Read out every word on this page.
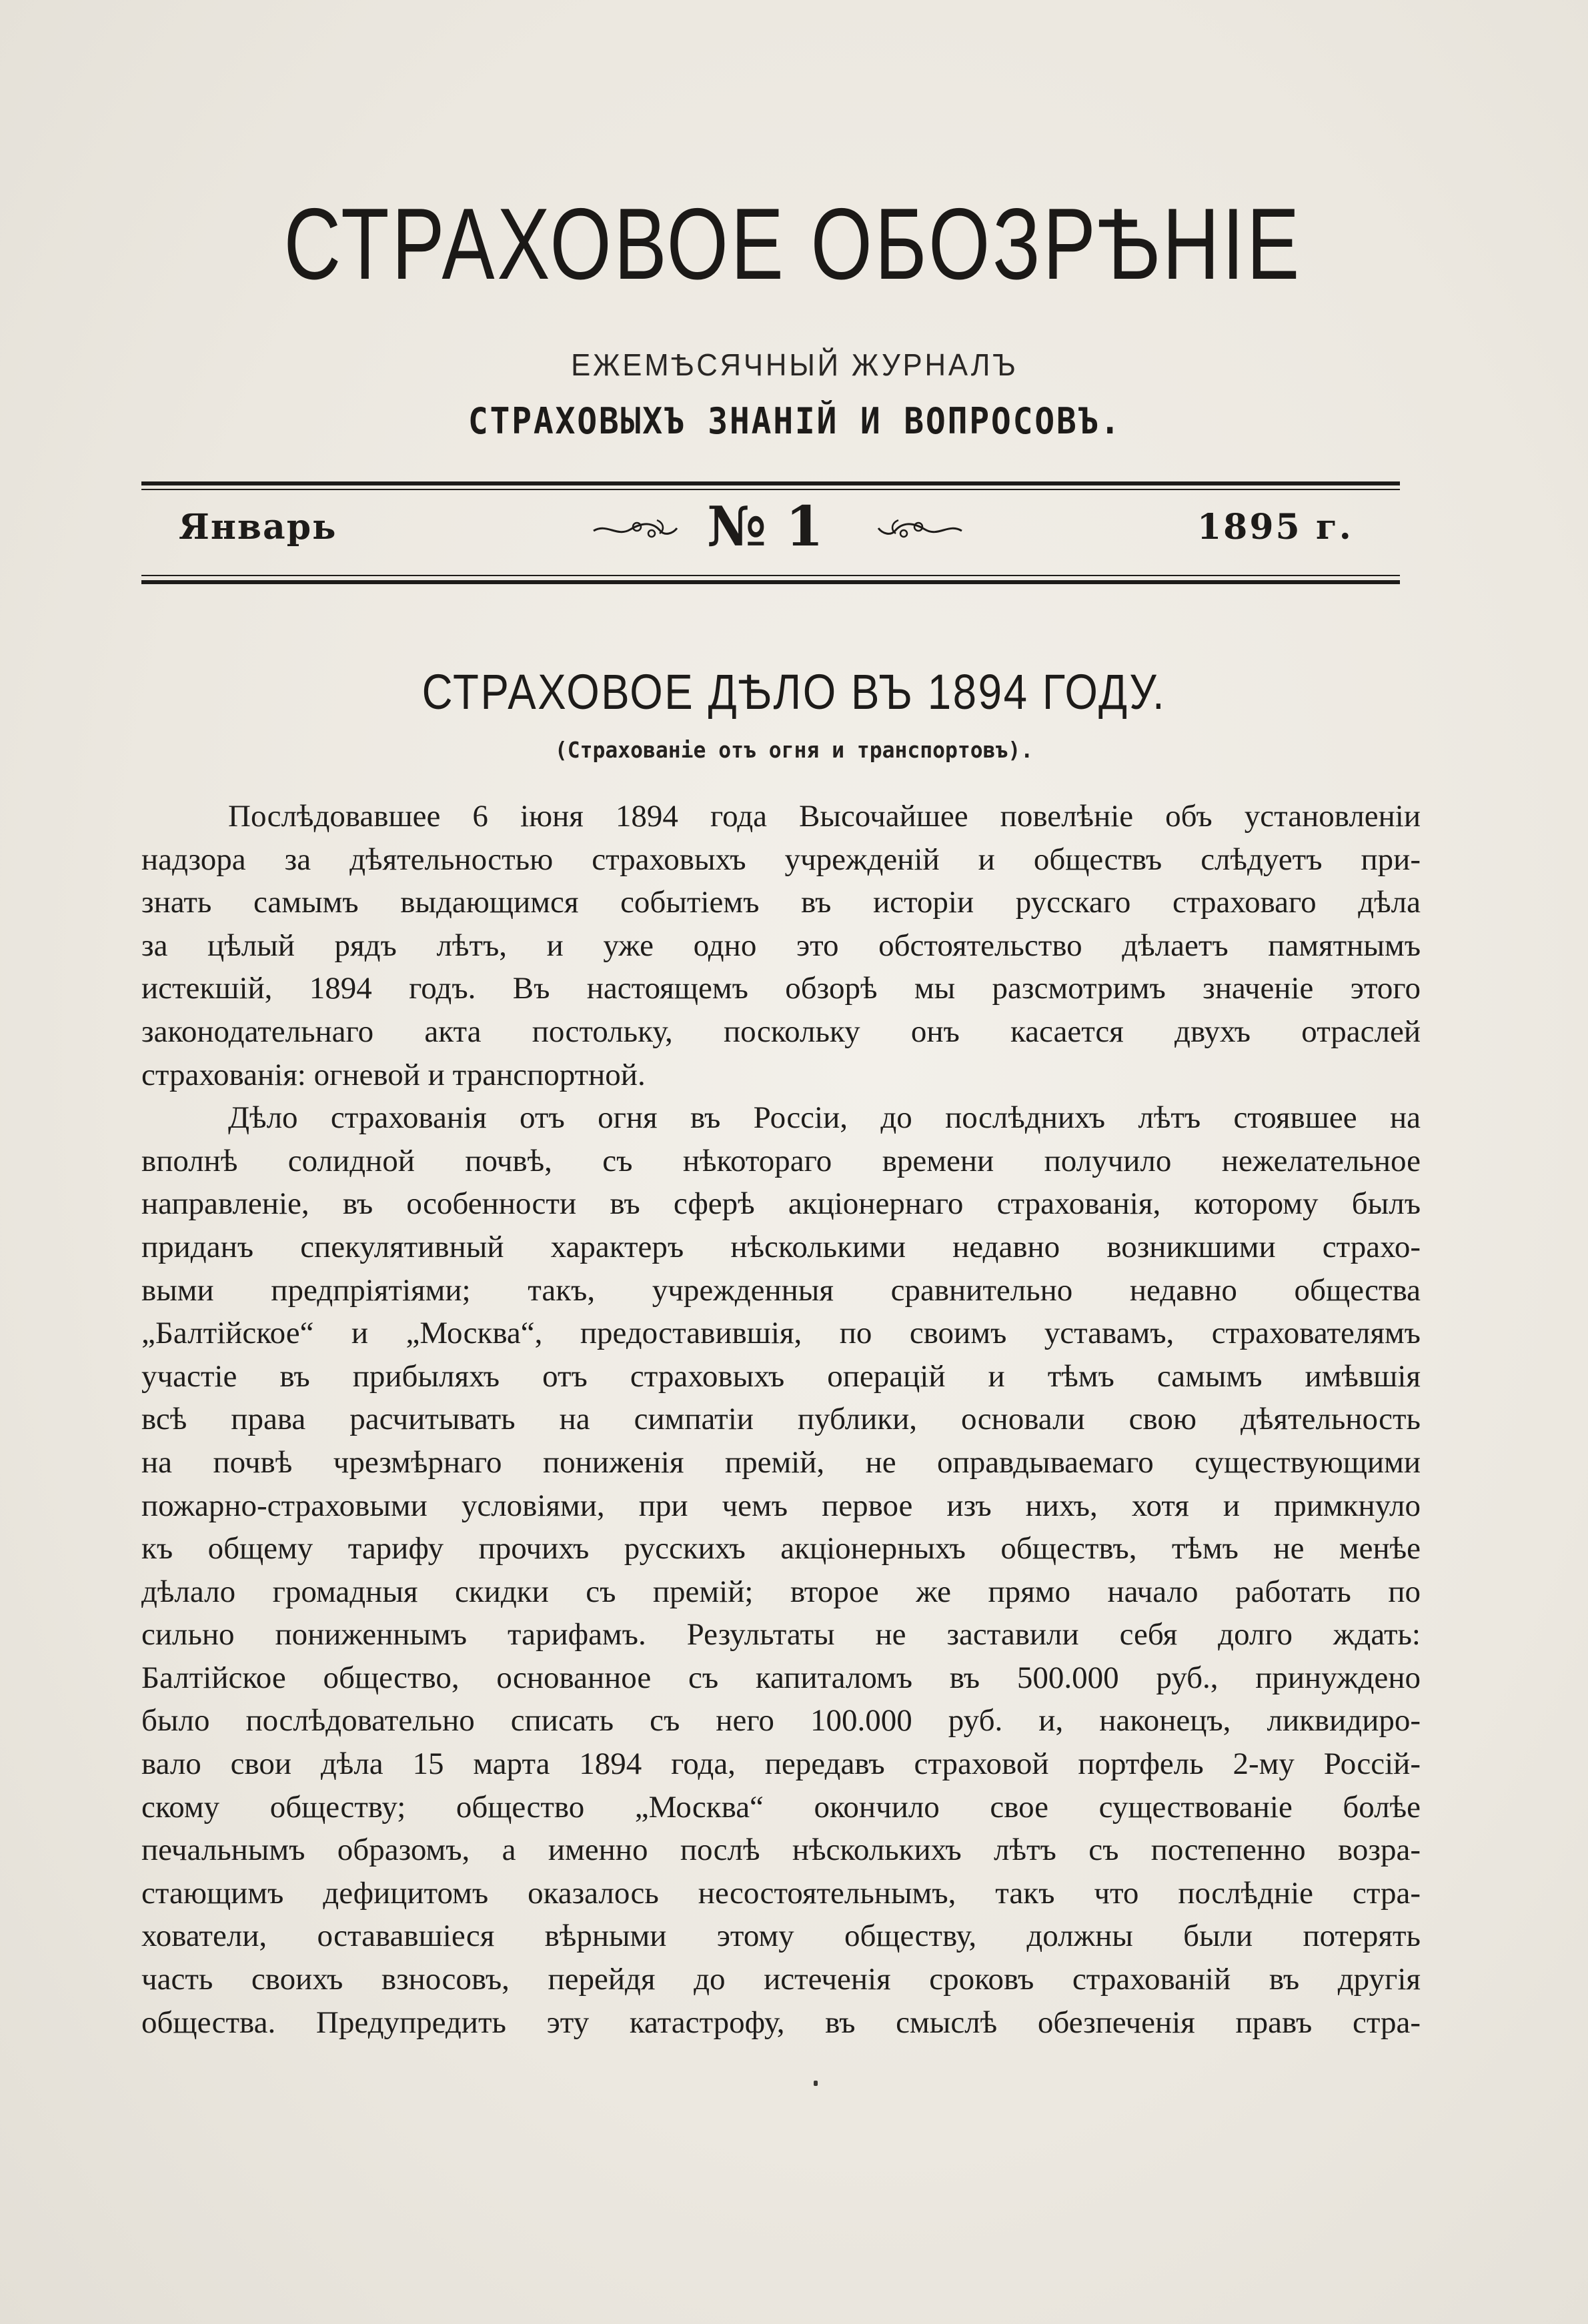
СТРАХОВОЕ ОБОЗРѢНІЕ
ЕЖЕМѢСЯЧНЫЙ ЖУРНАЛЪ
СТРАХОВЫХЪ ЗНАНІЙ И ВОПРОСОВЪ.
Январь	№ 1	1895 г.
СТРАХОВОЕ ДѢЛО ВЪ 1894 ГОДУ.
(Страхованіе отъ огня и транспортовъ).
Послѣдовавшее 6 іюня 1894 года Высочайшее повелѣніе объ установленіи
надзора за дѣятельностью страховыхъ учрежденій и обществъ слѣдуетъ при-
знать самымъ выдающимся событіемъ въ исторіи русскаго страховаго дѣла
за цѣлый рядъ лѣтъ, и уже одно это обстоятельство дѣлаетъ памятнымъ
истекшій, 1894 годъ. Въ настоящемъ обзорѣ мы разсмотримъ значеніе этого
законодательнаго акта постольку, поскольку онъ касается двухъ отраслей
страхованія: огневой и транспортной.
Дѣло страхованія отъ огня въ Россіи, до послѣднихъ лѣтъ стоявшее на
вполнѣ солидной почвѣ, съ нѣкотораго времени получило нежелательное
направленіе, въ особенности въ сферѣ акціонернаго страхованія, которому былъ
приданъ спекулятивный характеръ нѣсколькими недавно возникшими страхо-
выми предпріятіями; такъ, учрежденныя сравнительно недавно общества
„Балтійское“ и „Москва“, предоставившія, по своимъ уставамъ, страхователямъ
участіе въ прибыляхъ отъ страховыхъ операцій и тѣмъ самымъ имѣвшія
всѣ права расчитывать на симпатіи публики, основали свою дѣятельность
на почвѣ чрезмѣрнаго пониженія премій, не оправдываемаго существующими
пожарно-страховыми условіями, при чемъ первое изъ нихъ, хотя и примкнуло
къ общему тарифу прочихъ русскихъ акціонерныхъ обществъ, тѣмъ не менѣе
дѣлало громадныя скидки съ премій; второе же прямо начало работать по
сильно пониженнымъ тарифамъ. Результаты не заставили себя долго ждать:
Балтійское общество, основанное съ капиталомъ въ 500.000 руб., принуждено
было послѣдовательно списать съ него 100.000 руб. и, наконецъ, ликвидиро-
вало свои дѣла 15 марта 1894 года, передавъ страховой портфель 2-му Россій-
скому обществу; общество „Москва“ окончило свое существованіе болѣе
печальнымъ образомъ, а именно послѣ нѣсколькихъ лѣтъ съ постепенно возра-
стающимъ дефицитомъ оказалось несостоятельнымъ, такъ что послѣдніе стра-
хователи, остававшіеся вѣрными этому обществу, должны были потерять
часть своихъ взносовъ, перейдя до истеченія сроковъ страхованій въ другія
общества. Предупредить эту катастрофу, въ смыслѣ обезпеченія правъ стра-
